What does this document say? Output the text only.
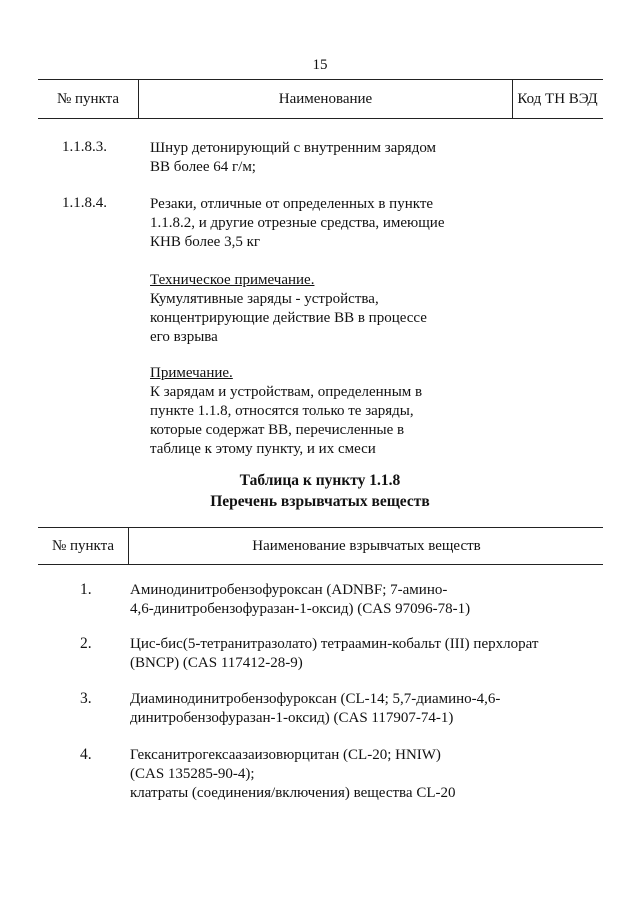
15
№ пункта	Наименование	Код ТН ВЭД
1.1.8.3.	Шнур детонирующий с внутренним зарядом
ВВ более 64 г/м;
1.1.8.4.	Резаки, отличные от определенных в пункте
1.1.8.2, и другие отрезные средства, имеющие
КНВ более 3,5 кг
Техническое примечание.
Кумулятивные заряды - устройства,
концентрирующие действие ВВ в процессе
его взрыва
Примечание.
К зарядам и устройствам, определенным в
пункте 1.1.8, относятся только те заряды,
которые содержат ВВ, перечисленные в
таблице к этому пункту, и их смеси
Таблица к пункту 1.1.8
Перечень взрывчатых веществ
№ пункта	Наименование взрывчатых веществ
1.	Аминодинитробензофуроксан (ADNBF; 7-амино-
4,6-динитробензофуразан-1-оксид) (CAS 97096-78-1)
2.	Цис-бис(5-тетранитразолато) тетраамин-кобальт (III) перхлорат
(BNCP) (CAS 117412-28-9)
3.	Диаминодинитробензофуроксан (CL-14; 5,7-диамино-4,6-
динитробензофуразан-1-оксид) (CAS 117907-74-1)
4.	Гексанитрогексаазаизовюрцитан (CL-20; HNIW)
(CAS 135285-90-4);
клатраты (соединения/включения) вещества CL-20
